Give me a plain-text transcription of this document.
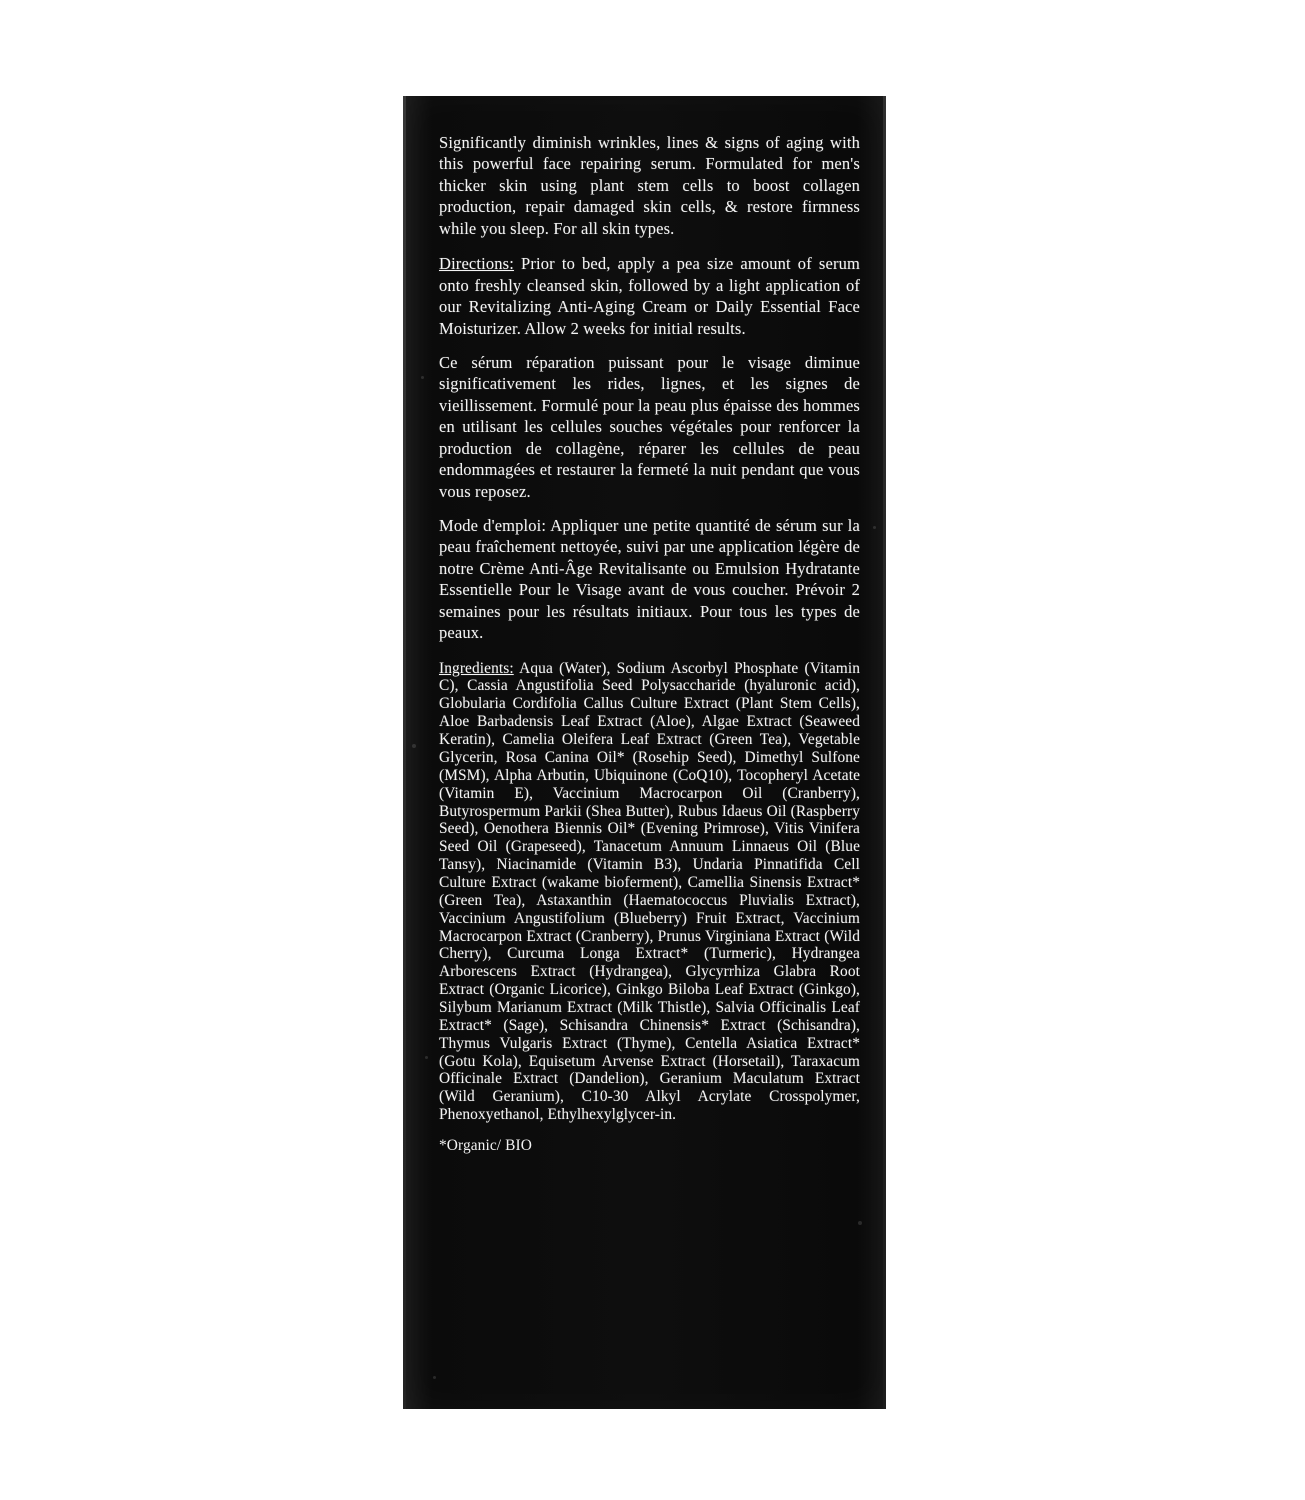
Significantly diminish wrinkles, lines & signs of aging with this powerful face repairing serum. Formulated for men's thicker skin using plant stem cells to boost collagen production, repair damaged skin cells, & restore firmness while you sleep. For all skin types.

Directions: Prior to bed, apply a pea size amount of serum onto freshly cleansed skin, followed by a light application of our Revitalizing Anti-Aging Cream or Daily Essential Face Moisturizer. Allow 2 weeks for initial results.

Ce sérum réparation puissant pour le visage diminue significativement les rides, lignes, et les signes de vieillissement. Formulé pour la peau plus épaisse des hommes en utilisant les cellules souches végétales pour renforcer la production de collagène, réparer les cellules de peau endommagées et restaurer la fermeté la nuit pendant que vous vous reposez.

Mode d'emploi: Appliquer une petite quantité de sérum sur la peau fraîchement nettoyée, suivi par une application légère de notre Crème Anti-Âge Revitalisante ou Emulsion Hydratante Essentielle Pour le Visage avant de vous coucher. Prévoir 2 semaines pour les résultats initiaux. Pour tous les types de peaux.

Ingredients: Aqua (Water), Sodium Ascorbyl Phosphate (Vitamin C), Cassia Angustifolia Seed Polysaccharide (hyaluronic acid), Globularia Cordifolia Callus Culture Extract (Plant Stem Cells), Aloe Barbadensis Leaf Extract (Aloe), Algae Extract (Seaweed Keratin), Camelia Oleifera Leaf Extract (Green Tea), Vegetable Glycerin, Rosa Canina Oil* (Rosehip Seed), Dimethyl Sulfone (MSM), Alpha Arbutin, Ubiquinone (CoQ10), Tocopheryl Acetate (Vitamin E), Vaccinium Macrocarpon Oil (Cranberry), Butyrospermum Parkii (Shea Butter), Rubus Idaeus Oil (Raspberry Seed), Oenothera Biennis Oil* (Evening Primrose), Vitis Vinifera Seed Oil (Grapeseed), Tanacetum Annuum Linnaeus Oil (Blue Tansy), Niacinamide (Vitamin B3), Undaria Pinnatifida Cell Culture Extract (wakame bioferment), Camellia Sinensis Extract* (Green Tea), Astaxanthin (Haematococcus Pluvialis Extract), Vaccinium Angustifolium (Blueberry) Fruit Extract, Vaccinium Macrocarpon Extract (Cranberry), Prunus Virginiana Extract (Wild Cherry), Curcuma Longa Extract* (Turmeric), Hydrangea Arborescens Extract (Hydrangea), Glycyrrhiza Glabra Root Extract (Organic Licorice), Ginkgo Biloba Leaf Extract (Ginkgo), Silybum Marianum Extract (Milk Thistle), Salvia Officinalis Leaf Extract* (Sage), Schisandra Chinensis* Extract (Schisandra), Thymus Vulgaris Extract (Thyme), Centella Asiatica Extract* (Gotu Kola), Equisetum Arvense Extract (Horsetail), Taraxacum Officinale Extract (Dandelion), Geranium Maculatum Extract (Wild Geranium), C10-30 Alkyl Acrylate Crosspolymer, Phenoxyethanol, Ethylhexylglycer-in.

*Organic/ BIO
